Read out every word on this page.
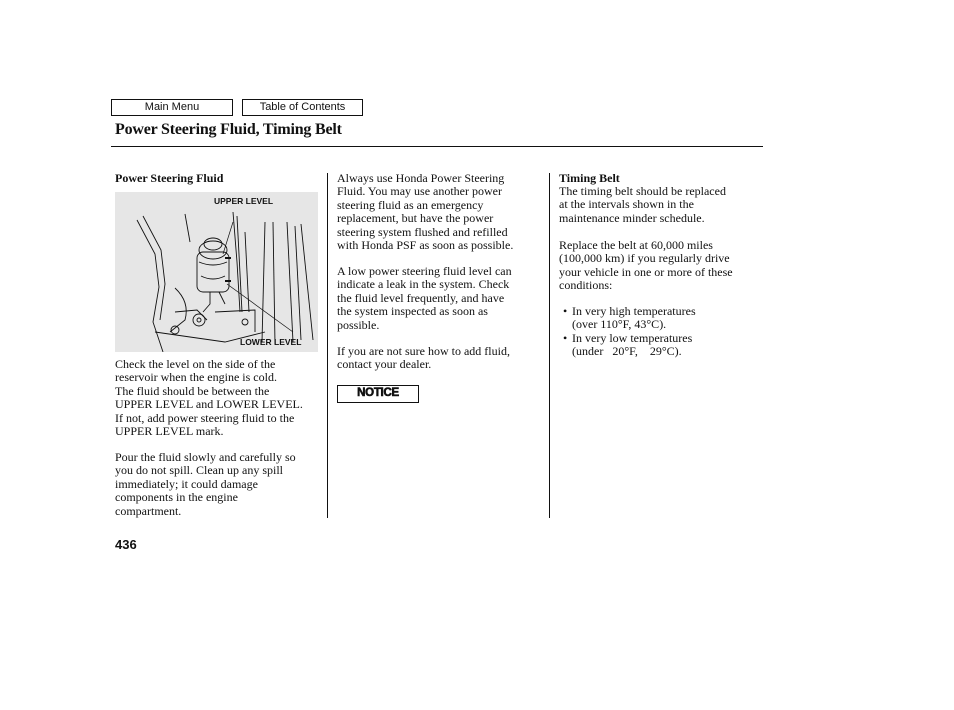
Main Menu	Table of Contents
Power Steering Fluid, Timing Belt
Power Steering Fluid
UPPER LEVEL
LOWER LEVEL
Check the level on the side of the
reservoir when the engine is cold.
The fluid should be between the
UPPER LEVEL and LOWER LEVEL.
If not, add power steering fluid to the
UPPER LEVEL mark.
Pour the fluid slowly and carefully so
you do not spill. Clean up any spill
immediately; it could damage
components in the engine
compartment.
Always use Honda Power Steering
Fluid. You may use another power
steering fluid as an emergency
replacement, but have the power
steering system flushed and refilled
with Honda PSF as soon as possible.
A low power steering fluid level can
indicate a leak in the system. Check
the fluid level frequently, and have
the system inspected as soon as
possible.
If you are not sure how to add fluid,
contact your dealer.
NOTICE
Timing Belt
The timing belt should be replaced
at the intervals shown in the
maintenance minder schedule.
Replace the belt at 60,000 miles
(100,000 km) if you regularly drive
your vehicle in one or more of these
conditions:
• In very high temperatures
(over 110°F, 43°C).
• In very low temperatures
(under   20°F,    29°C).
436
